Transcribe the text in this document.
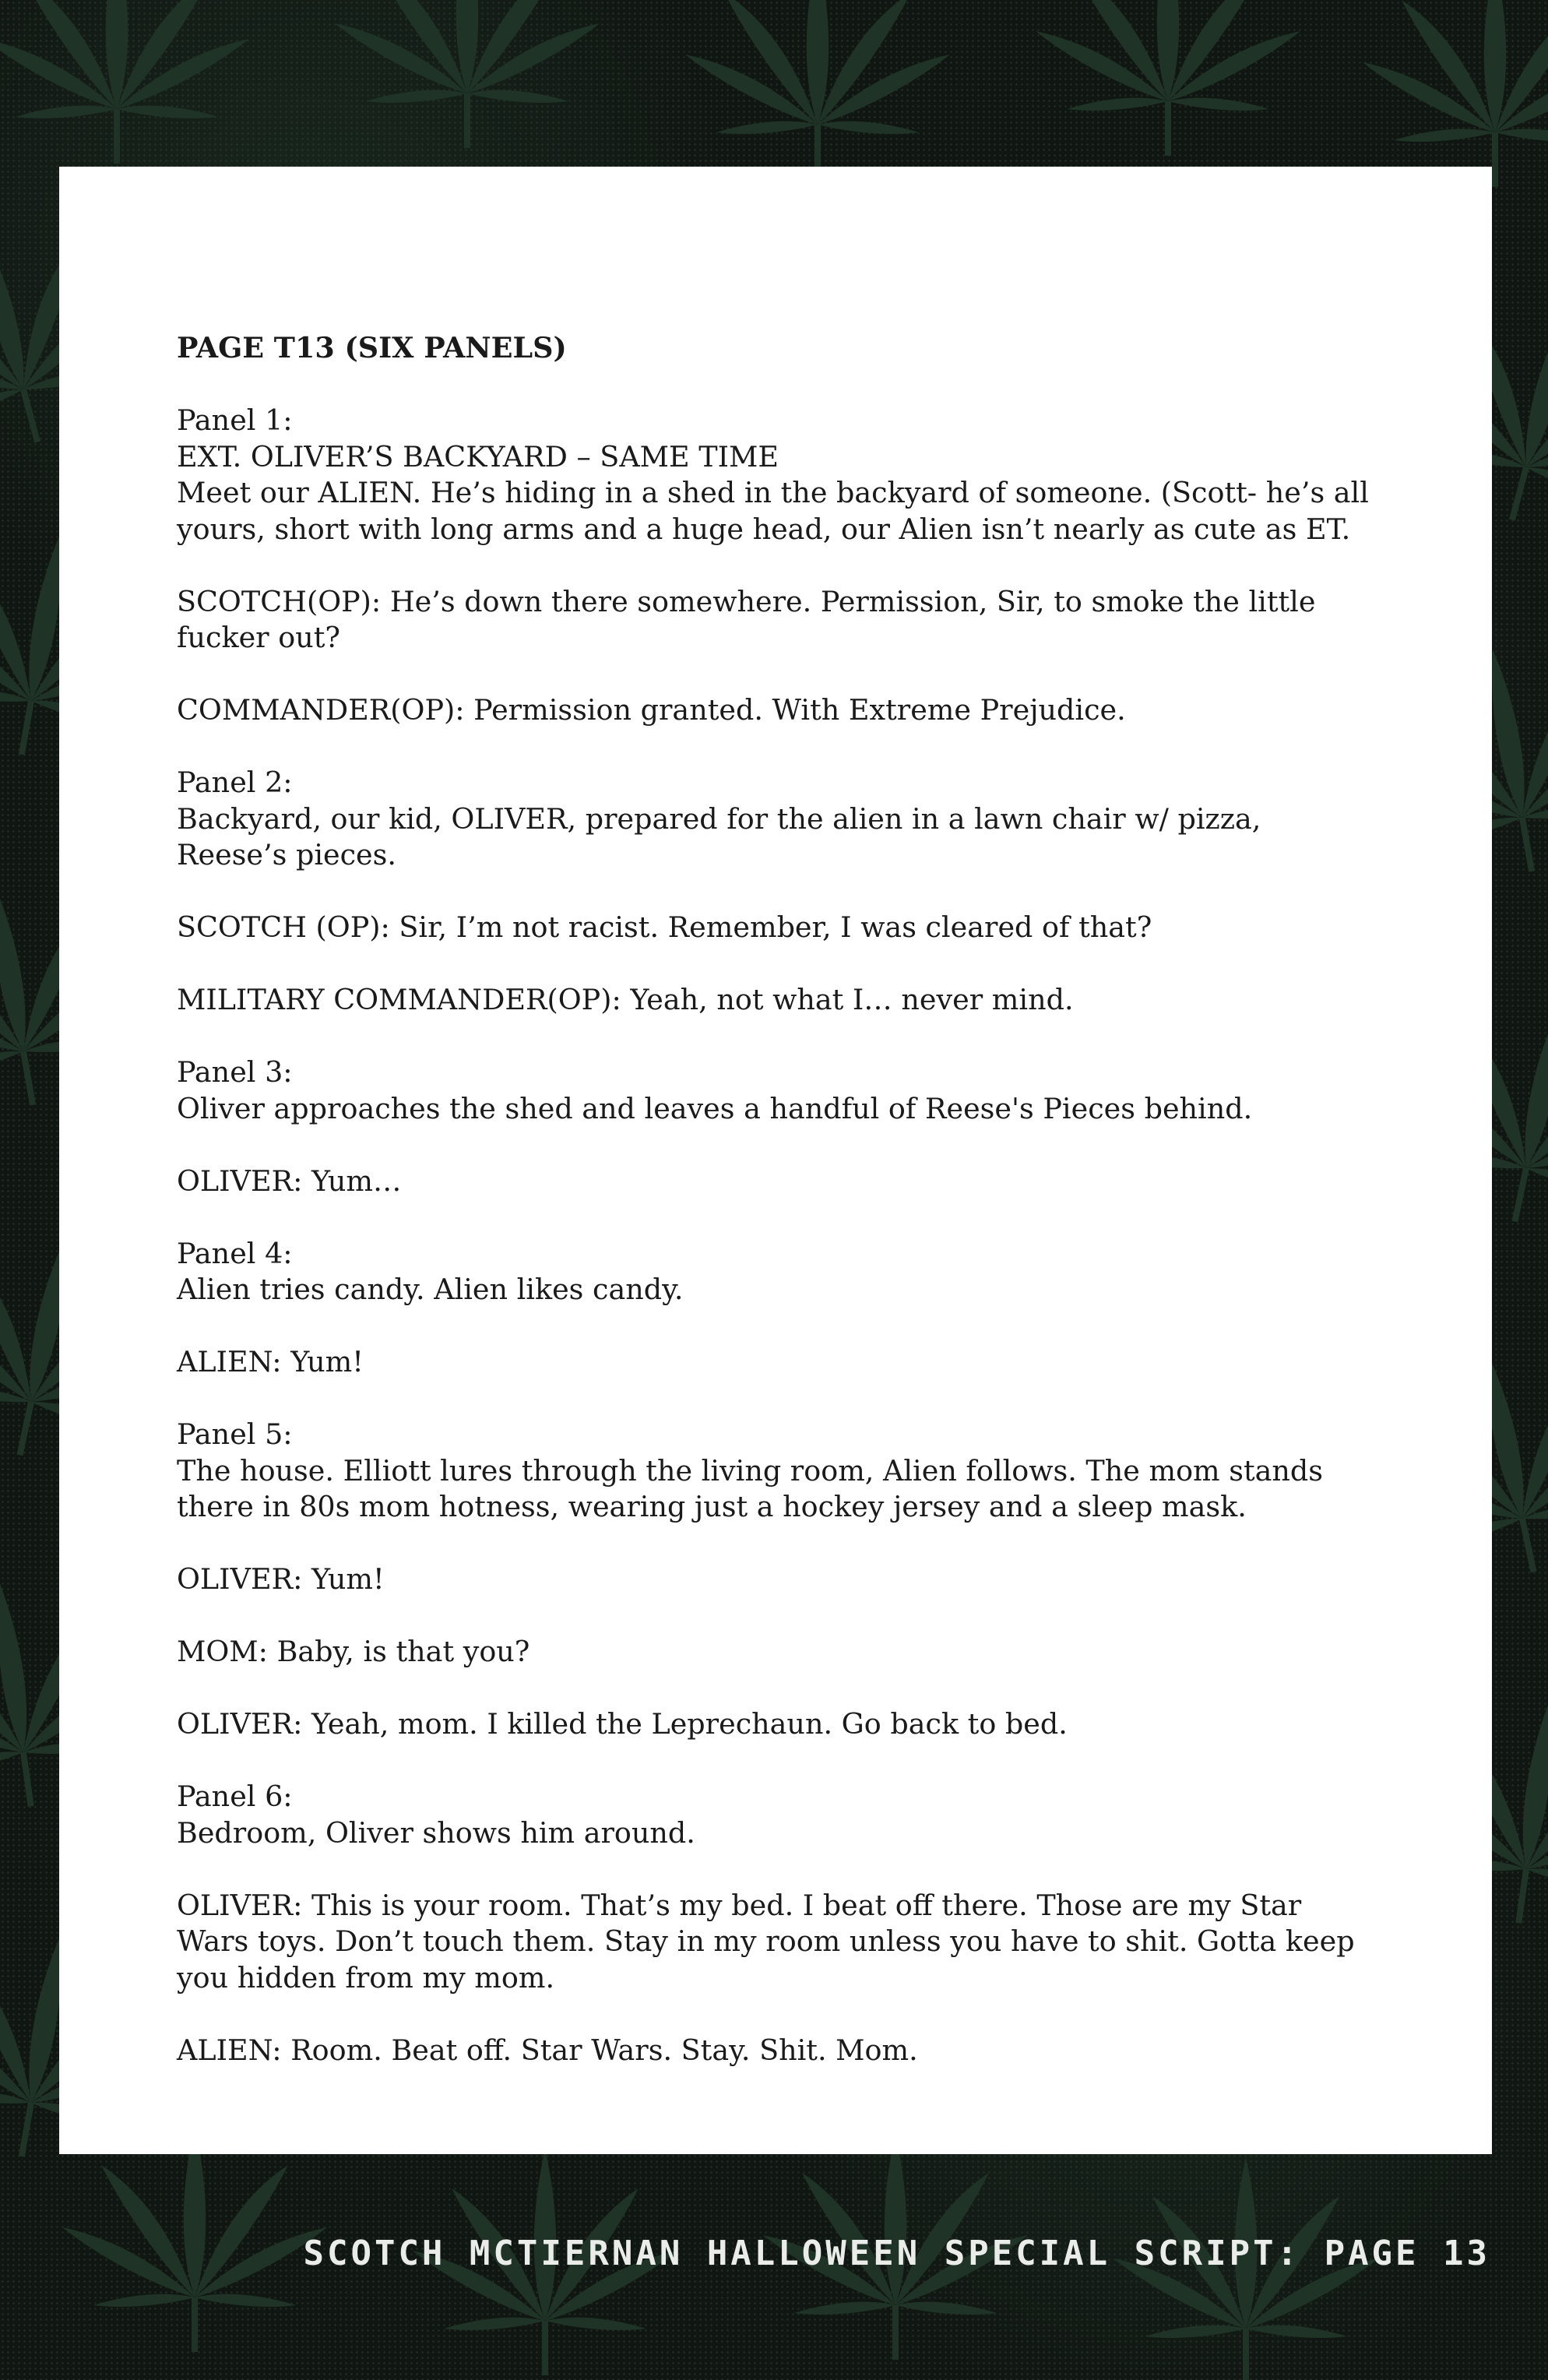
PAGE T13 (SIX PANELS)

Panel 1:

EXT. OLIVER’S BACKYARD – SAME TIME

Meet our ALIEN. He’s hiding in a shed in the backyard of someone. (Scott- he’s all yours, short with long arms and a huge head, our Alien isn’t nearly as cute as ET.

SCOTCH(OP): He’s down there somewhere. Permission, Sir, to smoke the little fucker out?

COMMANDER(OP): Permission granted. With Extreme Prejudice.

Panel 2:

Backyard, our kid, OLIVER, prepared for the alien in a lawn chair w/ pizza, Reese’s pieces.

SCOTCH (OP): Sir, I’m not racist. Remember, I was cleared of that?

MILITARY COMMANDER(OP): Yeah, not what I… never mind.

Panel 3:

Oliver approaches the shed and leaves a handful of Reese's Pieces behind.

OLIVER: Yum…

Panel 4:

Alien tries candy. Alien likes candy.

ALIEN: Yum!

Panel 5:

The house. Elliott lures through the living room, Alien follows. The mom stands there in 80s mom hotness, wearing just a hockey jersey and a sleep mask.

OLIVER: Yum!

MOM: Baby, is that you?

OLIVER: Yeah, mom. I killed the Leprechaun. Go back to bed.

Panel 6:

Bedroom, Oliver shows him around.

OLIVER: This is your room. That’s my bed. I beat off there. Those are my Star Wars toys. Don’t touch them. Stay in my room unless you have to shit. Gotta keep you hidden from my mom.

ALIEN: Room. Beat off. Star Wars. Stay. Shit. Mom.

SCOTCH MCTIERNAN HALLOWEEN SPECIAL SCRIPT: PAGE 13
